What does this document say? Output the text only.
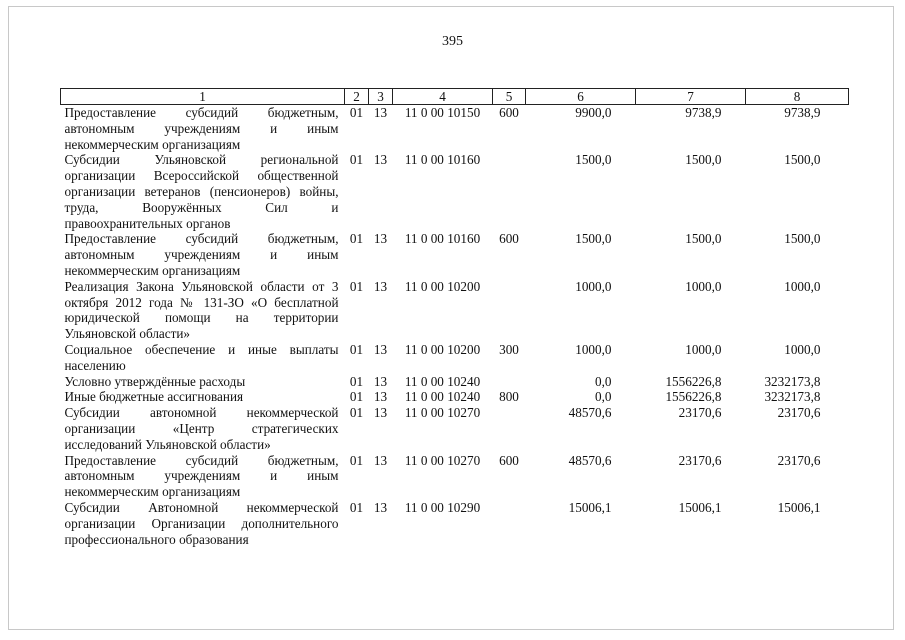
395
1	2	3	4	5	6	7	8
Предоставление субсидий бюджетным, автономным учреждениям и иным некоммерческим организациям	01	13	11 0 00 10150	600	9900,0	9738,9	9738,9
Субсидии Ульяновской региональной организации Всероссийской общественной организации ветеранов (пенсионеров) войны, труда, Вооружённых Сил и правоохранительных органов	01	13	11 0 00 10160		1500,0	1500,0	1500,0
Предоставление субсидий бюджетным, автономным учреждениям и иным некоммерческим организациям	01	13	11 0 00 10160	600	1500,0	1500,0	1500,0
Реализация Закона Ульяновской области от 3 октября 2012 года № 131-ЗО «О бесплатной юридической помощи на территории Ульяновской области»	01	13	11 0 00 10200		1000,0	1000,0	1000,0
Социальное обеспечение и иные выплаты населению	01	13	11 0 00 10200	300	1000,0	1000,0	1000,0
Условно утверждённые расходы	01	13	11 0 00 10240		0,0	1556226,8	3232173,8
Иные бюджетные ассигнования	01	13	11 0 00 10240	800	0,0	1556226,8	3232173,8
Субсидии автономной некоммерческой организации «Центр стратегических исследований Ульяновской области»	01	13	11 0 00 10270		48570,6	23170,6	23170,6
Предоставление субсидий бюджетным, автономным учреждениям и иным некоммерческим организациям	01	13	11 0 00 10270	600	48570,6	23170,6	23170,6
Субсидии Автономной некоммерческой организации Организации дополнительного профессионального образования	01	13	11 0 00 10290		15006,1	15006,1	15006,1
